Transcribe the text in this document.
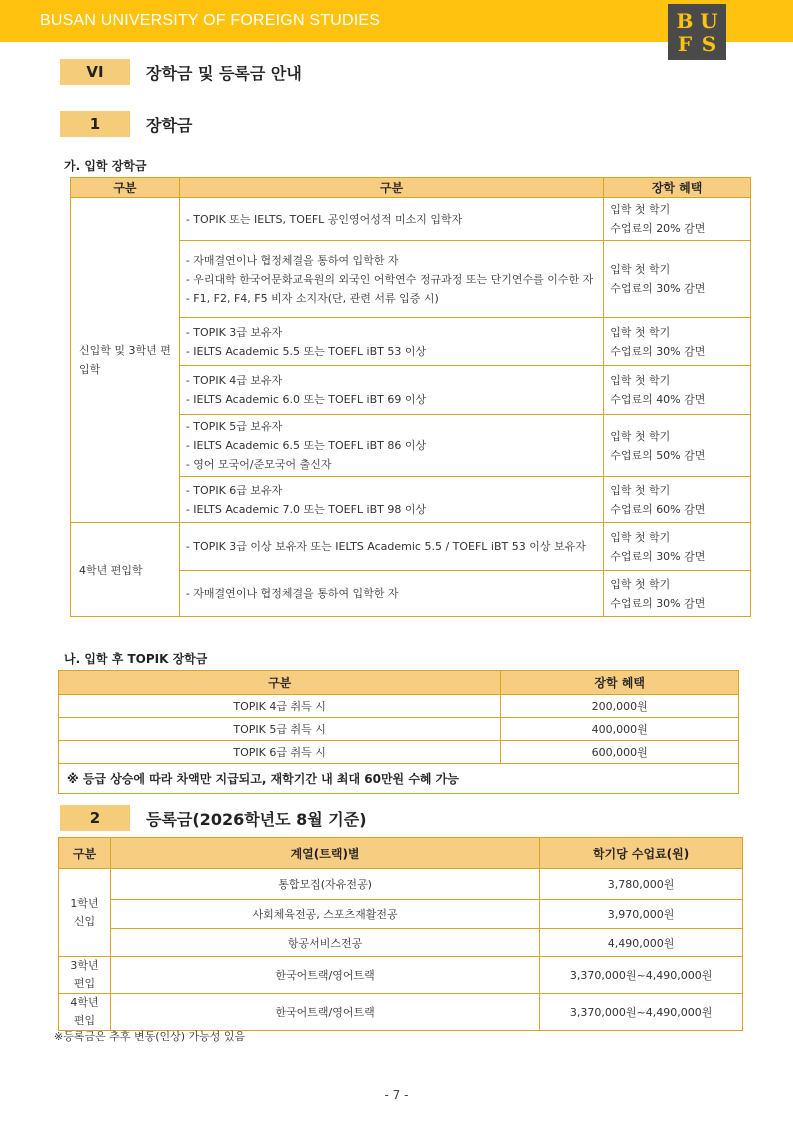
BUSAN UNIVERSITY OF FOREIGN STUDIES	B U
F S
VI	장학금 및 등록금 안내
1	장학금
가. 입학 장학금
구분	구분	장학 혜택
신입학 및 3학년 편입학	- TOPIK 또는 IELTS, TOEFL 공인영어성적 미소지 입학자	입학 첫 학기
수업료의 20% 감면

	- 자매결연이나 협정체결을 통하여 입학한 자
- 우리대학 한국어문화교육원의 외국인 어학연수 정규과정 또는 단기연수를 이수한 자
- F1, F2, F4, F5 비자 소지자(단, 관련 서류 입증 시)	입학 첫 학기
수업료의 30% 감면

	- TOPIK 3급 보유자
- IELTS Academic 5.5 또는 TOEFL iBT 53 이상	입학 첫 학기
수업료의 30% 감면

	- TOPIK 4급 보유자
- IELTS Academic 6.0 또는 TOEFL iBT 69 이상	입학 첫 학기
수업료의 40% 감면

	- TOPIK 5급 보유자
- IELTS Academic 6.5 또는 TOEFL iBT 86 이상
- 영어 모국어/준모국어 출신자	입학 첫 학기
수업료의 50% 감면

	- TOPIK 6급 보유자
- IELTS Academic 7.0 또는 TOEFL iBT 98 이상	입학 첫 학기
수업료의 60% 감면

4학년 편입학	- TOPIK 3급 이상 보유자 또는 IELTS Academic 5.5 / TOEFL iBT 53 이상 보유자	입학 첫 학기
수업료의 30% 감면

	- 자매결연이나 협정체결을 통하여 입학한 자	입학 첫 학기
수업료의 30% 감면
나. 입학 후 TOPIK 장학금
구분	장학 혜택
TOPIK 4급 취득 시	200,000원
TOPIK 5급 취득 시	400,000원
TOPIK 6급 취득 시	600,000원
※ 등급 상승에 따라 차액만 지급되고, 재학기간 내 최대 60만원 수혜 가능	
2	등록금(2026학년도 8월 기준)
구분	계열(트랙)별	학기당 수업료(원)

1학년
신입	통합모집(자유전공)	3,780,000원
	사회체육전공, 스포츠재활전공	3,970,000원
	항공서비스전공	4,490,000원

3학년
편입	한국어트랙/영어트랙	3,370,000원~4,490,000원

4학년
편입	한국어트랙/영어트랙	3,370,000원~4,490,000원
※등록금은 추후 변동(인상) 가능성 있음
- 7 -
